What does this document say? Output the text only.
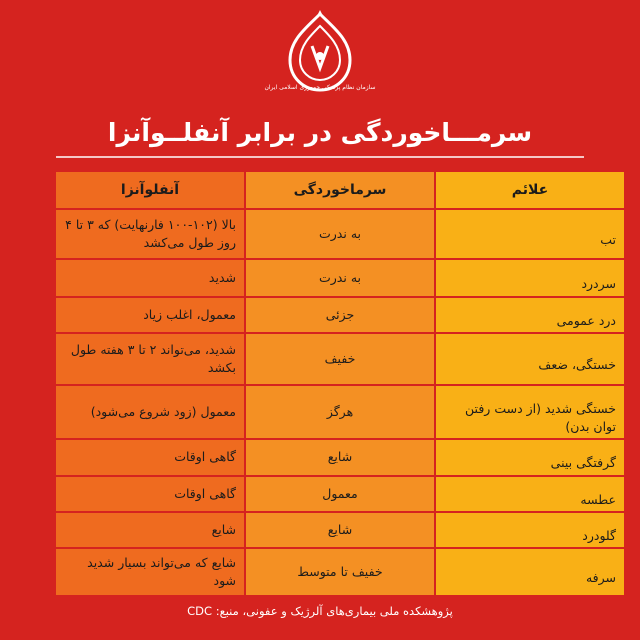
سازمان نظام پزشکی جمهوری اسلامی ایران
سرمـــاخوردگی در برابر آنفلــوآنزا
علائم	سرماخوردگی	آنفلوآنزا
تب	به ندرت	بالا (۱۰۲-۱۰۰ فارنهایت) که ۳ تا ۴ روز طول می‌کشد
سردرد	به ندرت	شدید
درد عمومی	جزئی	معمول، اغلب زیاد
خستگی، ضعف	خفیف	شدید، می‌تواند ۲ تا ۳ هفته طول بکشد
خستگی شدید (از دست رفتن توان بدن)	هرگز	معمول (زود شروع می‌شود)
گرفتگی بینی	شایع	گاهی اوقات
عطسه	معمول	گاهی اوقات
گلودرد	شایع	شایع
سرفه	خفیف تا متوسط	شایع که می‌تواند بسیار شدید شود
پژوهشکده ملی بیماری‌های آلرژیک و عفونی، منبع: CDC
